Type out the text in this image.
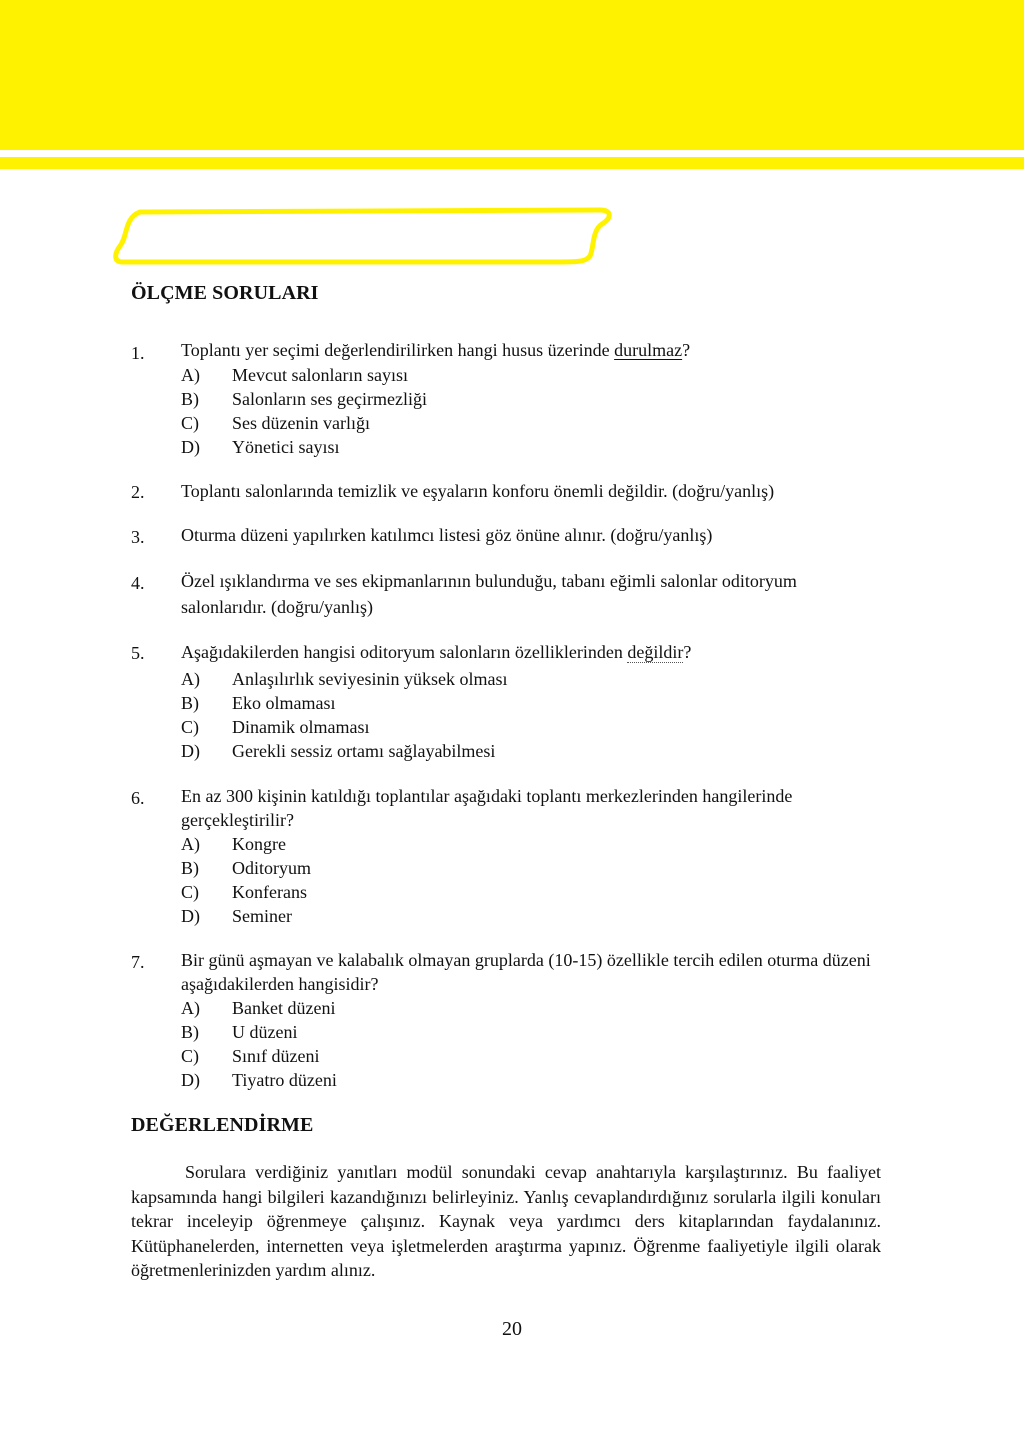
ÖLÇME SORULARI
1. Toplantı yer seçimi değerlendirilirken hangi husus üzerinde durulmaz?
A) Mevcut salonların sayısı
B) Salonların ses geçirmezliği
C) Ses düzenin varlığı
D) Yönetici sayısı
2. Toplantı salonlarında temizlik ve eşyaların konforu önemli değildir. (doğru/yanlış)
3. Oturma düzeni yapılırken katılımcı listesi göz önüne alınır. (doğru/yanlış)
4. Özel ışıklandırma ve ses ekipmanlarının bulunduğu, tabanı eğimli salonlar oditoryum salonlarıdır. (doğru/yanlış)
5. Aşağıdakilerden hangisi oditoryum salonların özelliklerinden değildir?
A) Anlaşılırlık seviyesinin yüksek olması
B) Eko olmaması
C) Dinamik olmaması
D) Gerekli sessiz ortamı sağlayabilmesi
6. En az 300 kişinin katıldığı toplantılar aşağıdaki toplantı merkezlerinden hangilerinde gerçekleştirilir?
A) Kongre
B) Oditoryum
C) Konferans
D) Seminer
7. Bir günü aşmayan ve kalabalık olmayan gruplarda (10-15) özellikle tercih edilen oturma düzeni aşağıdakilerden hangisidir?
A) Banket düzeni
B) U düzeni
C) Sınıf düzeni
D) Tiyatro düzeni
DEĞERLENDİRME

Sorulara verdiğiniz yanıtları modül sonundaki cevap anahtarıyla karşılaştırınız. Bu faaliyet kapsamında hangi bilgileri kazandığınızı belirleyiniz. Yanlış cevaplandırdığınız sorularla ilgili konuları tekrar inceleyip öğrenmeye çalışınız. Kaynak veya yardımcı ders kitaplarından faydalanınız. Kütüphanelerden, internetten veya işletmelerden araştırma yapınız. Öğrenme faaliyetiyle ilgili olarak öğretmenlerinizden yardım alınız.

20
